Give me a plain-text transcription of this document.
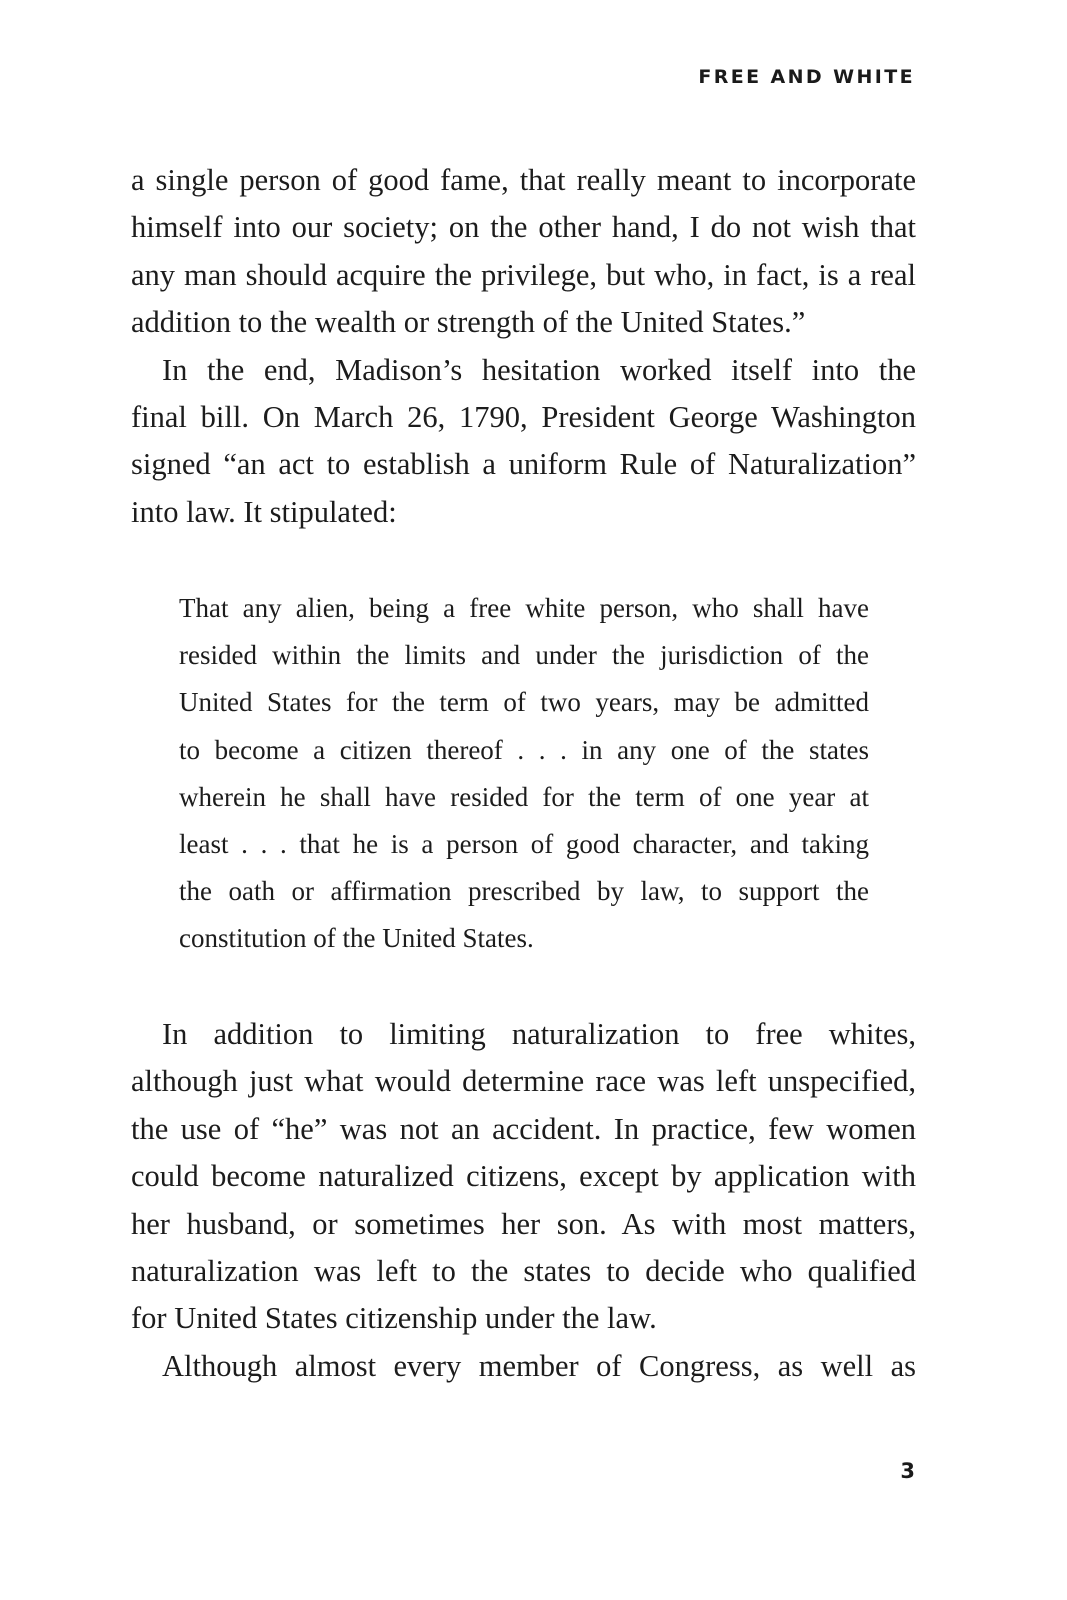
FREE AND WHITE
a single person of good fame, that really meant to incorporate
himself into our society; on the other hand, I do not wish that
any man should acquire the privilege, but who, in fact, is a real
addition to the wealth or strength of the United States.”
In the end, Madison’s hesitation worked itself into the
final bill. On March 26, 1790, President George Washington
signed “an act to establish a uniform Rule of Naturalization”
into law. It stipulated:
That any alien, being a free white person, who shall have
resided within the limits and under the jurisdiction of the
United States for the term of two years, may be admitted
to become a citizen thereof . . . in any one of the states
wherein he shall have resided for the term of one year at
least . . . that he is a person of good character, and taking
the oath or affirmation prescribed by law, to support the
constitution of the United States.
In addition to limiting naturalization to free whites,
although just what would determine race was left unspecified,
the use of “he” was not an accident. In practice, few women
could become naturalized citizens, except by application with
her husband, or sometimes her son. As with most matters,
naturalization was left to the states to decide who qualified
for United States citizenship under the law.
Although almost every member of Congress, as well as
3
